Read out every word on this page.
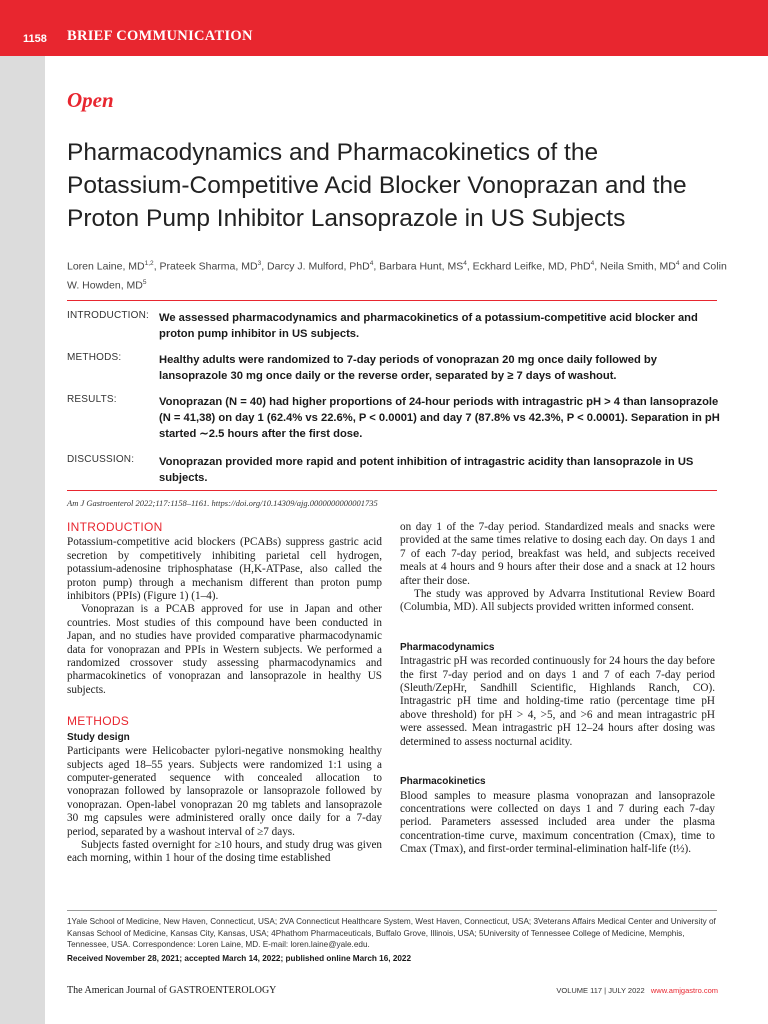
1158 BRIEF COMMUNICATION
Open
Pharmacodynamics and Pharmacokinetics of the Potassium-Competitive Acid Blocker Vonoprazan and the Proton Pump Inhibitor Lansoprazole in US Subjects
Loren Laine, MD$^{1,2}$, Prateek Sharma, $MD^3$, Darcy J. Mulford, PhD$^4$, Barbara Hunt, $MS^4$, Eckhard Leifke, MD, PhD$^4$, Neila Smith, $MD^4$ and Colin W. Howden, $MD^5$
INTRODUCTION: We assessed pharmacodynamics and pharmacokinetics of a potassium-competitive acid blocker and proton pump inhibitor in US subjects.
METHODS:	Healthy adults were randomized to 7-day periods of vonoprazan 20 mg once daily followed by lansoprazole 30 mg once daily or the reverse order, separated by ≥ 7 days of washout.
RESULTS:	Vonoprazan (N = 40) had higher proportions of 24-hour periods with intragastric pH > 4 than lansoprazole (N = 41,38) on day 1 (62.4% vs 22.6%, P < 0.0001) and day 7 (87.8% vs 42.3%, P < 0.0001). Separation in pH started ∼2.5 hours after the first dose.
DISCUSSION: Vonoprazan provided more rapid and potent inhibition of intragastric acidity than lansoprazole in US subjects.
Am J Gastroenterol 2022;117:1158–1161. https://doi.org/10.14309/ajg.0000000000001735
INTRODUCTION

Potassium-competitive acid blockers (PCABs) suppress gastric acid secretion by competitively inhibiting parietal cell hydrogen, potassium-adenosine triphosphatase (H,K-ATPase, also called the proton pump) through a mechanism different than proton pump inhibitors (PPIs) (Figure 1) (1–4).

Vonoprazan is a PCAB approved for use in Japan and other countries. Most studies of this compound have been conducted in Japan, and no studies have provided comparative pharmacodynamic data for vonoprazan and PPIs in Western subjects. We performed a randomized crossover study assessing pharmacodynamics and pharmacokinetics of vonoprazan and lansoprazole in healthy US subjects.

METHODS
Study design

Participants were Helicobacter pylori-negative nonsmoking healthy subjects aged 18–55 years. Subjects were randomized 1:1 using a computer-generated sequence with concealed allocation to vonoprazan followed by lansoprazole or lansoprazole followed by vonoprazan. Open-label vonoprazan 20 mg tablets and lansoprazole 30 mg capsules were administered orally once daily for a 7-day period, separated by a washout interval of ≥7 days.

Subjects fasted overnight for ≥10 hours, and study drug was given each morning, within 1 hour of the dosing time established

on day 1 of the 7-day period. Standardized meals and snacks were provided at the same times relative to dosing each day. On days 1 and 7 of each 7-day period, breakfast was held, and subjects received meals at 4 hours and 9 hours after their dose and a snack at 12 hours after their dose.

The study was approved by Advarra Institutional Review Board (Columbia, MD). All subjects provided written informed consent.

Pharmacodynamics

Intragastric pH was recorded continuously for 24 hours the day before the first 7-day period and on days 1 and 7 of each 7-day period (Sleuth/ZepHr, Sandhill Scientific, Highlands Ranch, CO). Intragastric pH time and holding-time ratio (percentage time pH above threshold) for pH > 4, >5, and >6 and mean intragastric pH were assessed. Mean intragastric pH 12–24 hours after dosing was determined to assess nocturnal acidity.

Pharmacokinetics

Blood samples to measure plasma vonoprazan and lansoprazole concentrations were collected on days 1 and 7 during each 7-day period. Parameters assessed included area under the plasma concentration-time curve, maximum concentration (Cmax), time to Cmax (Tmax), and first-order terminal-elimination half-life (t½).

1Yale School of Medicine, New Haven, Connecticut, USA; 2VA Connecticut Healthcare System, West Haven, Connecticut, USA; 3Veterans Affairs Medical Center and University of Kansas School of Medicine, Kansas City, Kansas, USA; 4Phathom Pharmaceuticals, Buffalo Grove, Illinois, USA; 5University of Tennessee College of Medicine, Memphis, Tennessee, USA. Correspondence: Loren Laine, MD. E-mail: loren.laine@yale.edu.
Received November 28, 2021; accepted March 14, 2022; published online March 16, 2022
The American Journal of GASTROENTEROLOGY	VOLUME 117 | JULY 2022 www.amjgastro.com
